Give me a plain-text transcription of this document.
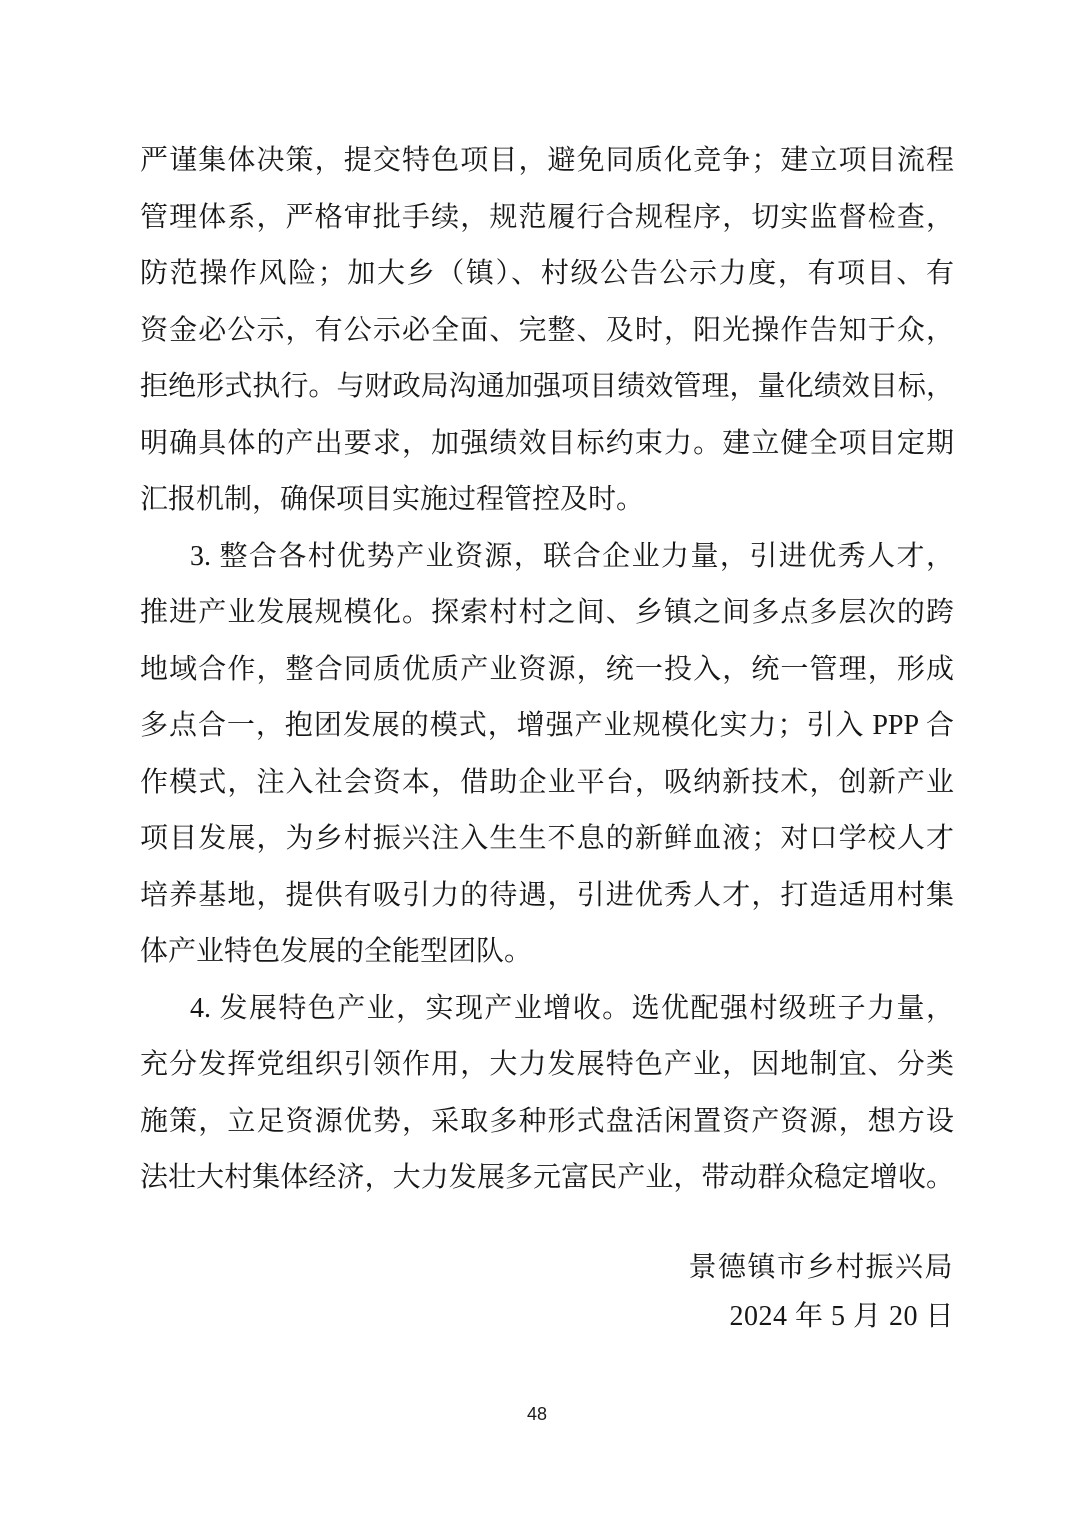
严谨集体决策，提交特色项目，避免同质化竞争；建立项目流程
管理体系，严格审批手续，规范履行合规程序，切实监督检查，
防范操作风险；加大乡（镇）、村级公告公示力度，有项目、有
资金必公示，有公示必全面、完整、及时，阳光操作告知于众，
拒绝形式执行。与财政局沟通加强项目绩效管理，量化绩效目标，
明确具体的产出要求，加强绩效目标约束力。建立健全项目定期
汇报机制，确保项目实施过程管控及时。
3. 整合各村优势产业资源，联合企业力量，引进优秀人才，
推进产业发展规模化。探索村村之间、乡镇之间多点多层次的跨
地域合作，整合同质优质产业资源，统一投入，统一管理，形成
多点合一，抱团发展的模式，增强产业规模化实力；引入 PPP 合
作模式，注入社会资本，借助企业平台，吸纳新技术，创新产业
项目发展，为乡村振兴注入生生不息的新鲜血液；对口学校人才
培养基地，提供有吸引力的待遇，引进优秀人才，打造适用村集
体产业特色发展的全能型团队。
4. 发展特色产业，实现产业增收。选优配强村级班子力量，
充分发挥党组织引领作用，大力发展特色产业，因地制宜、分类
施策，立足资源优势，采取多种形式盘活闲置资产资源，想方设
法壮大村集体经济，大力发展多元富民产业，带动群众稳定增收。
景德镇市乡村振兴局
2024 年 5 月 20 日
48
